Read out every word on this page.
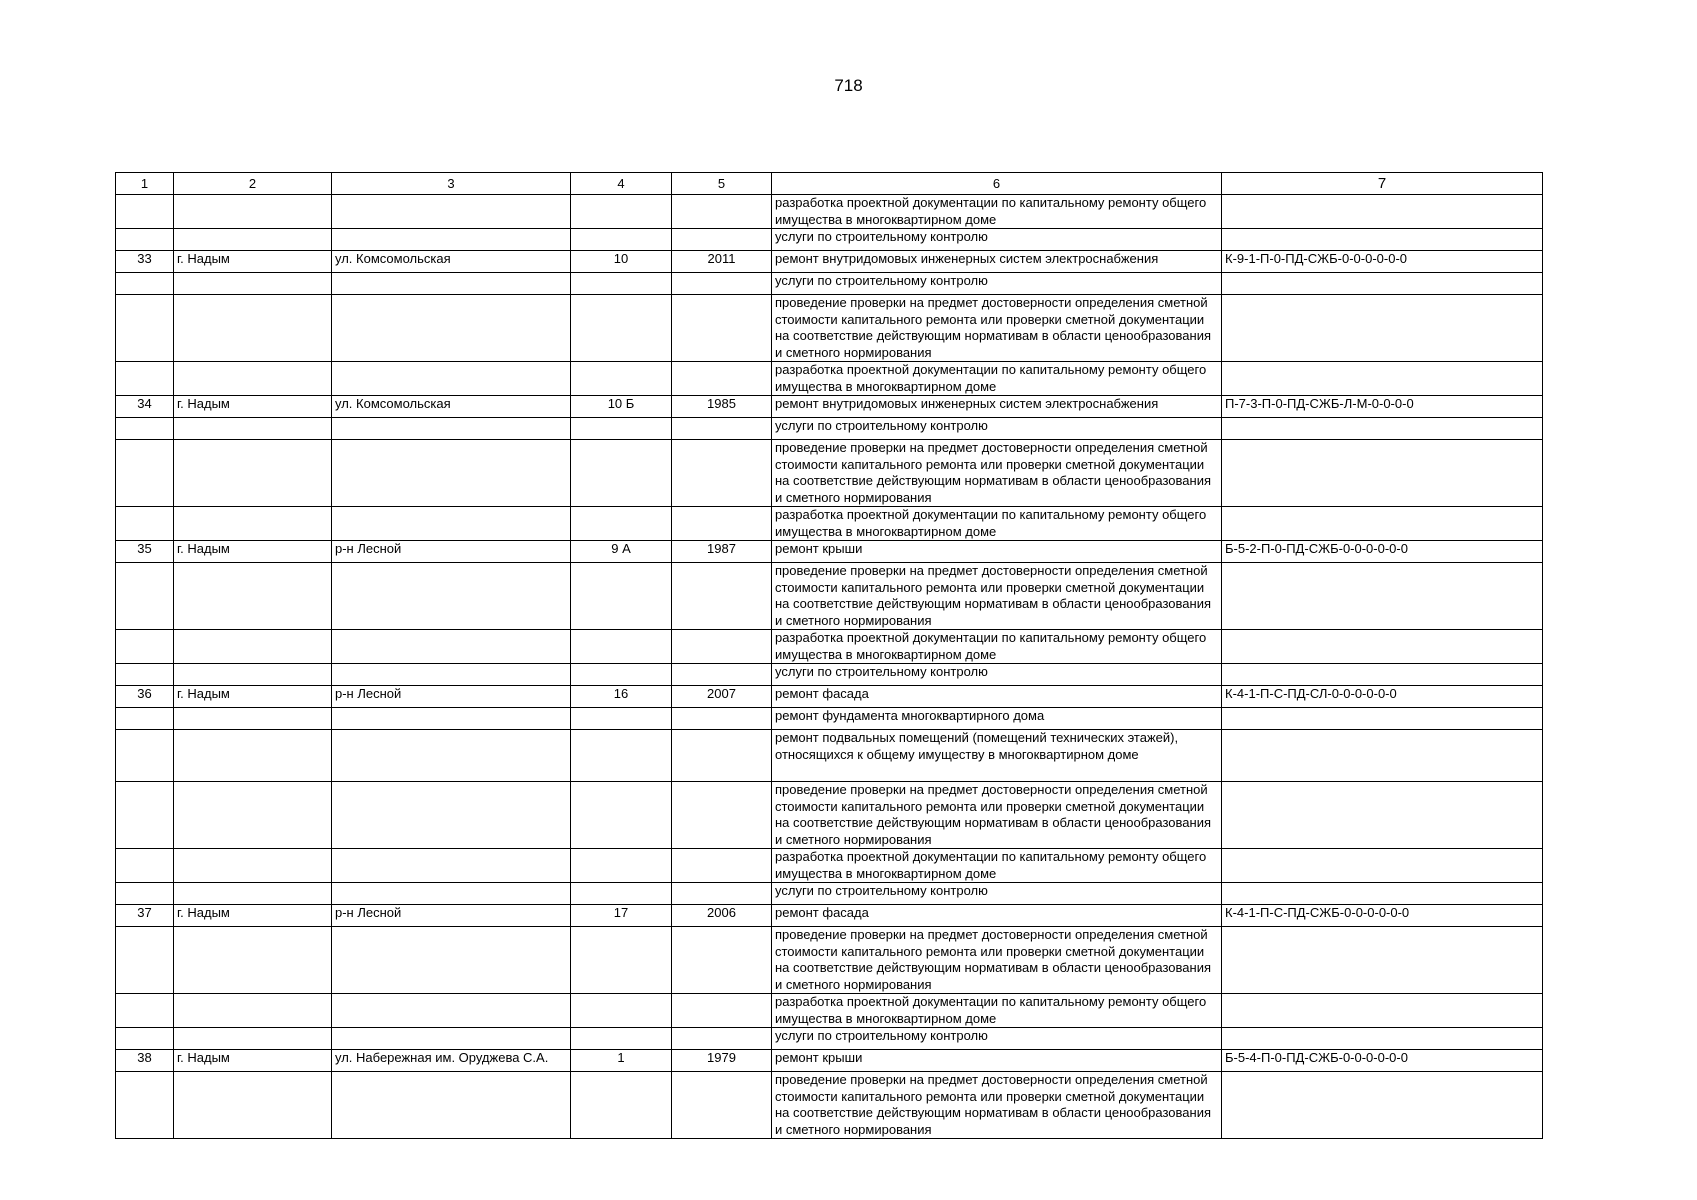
718
1	2	3	4	5	6	7
					разработка проектной документации по капитальному ремонту общего имущества в многоквартирном доме	
					услуги по строительному контролю	
33	г. Надым	ул. Комсомольская	10	2011	ремонт внутридомовых инженерных систем электроснабжения	К-9-1-П-0-ПД-СЖБ-0-0-0-0-0-0
					услуги по строительному контролю	
					проведение проверки на предмет достоверности определения сметной стоимости капитального ремонта или проверки сметной документации на соответствие действующим нормативам в области ценообразования и сметного нормирования	
					разработка проектной документации по капитальному ремонту общего имущества в многоквартирном доме	
34	г. Надым	ул. Комсомольская	10 Б	1985	ремонт внутридомовых инженерных систем электроснабжения	П-7-3-П-0-ПД-СЖБ-Л-М-0-0-0-0
					услуги по строительному контролю	
					проведение проверки на предмет достоверности определения сметной стоимости капитального ремонта или проверки сметной документации на соответствие действующим нормативам в области ценообразования и сметного нормирования	
					разработка проектной документации по капитальному ремонту общего имущества в многоквартирном доме	
35	г. Надым	р-н Лесной	9 А	1987	ремонт крыши	Б-5-2-П-0-ПД-СЖБ-0-0-0-0-0-0
					проведение проверки на предмет достоверности определения сметной стоимости капитального ремонта или проверки сметной документации на соответствие действующим нормативам в области ценообразования и сметного нормирования	
					разработка проектной документации по капитальному ремонту общего имущества в многоквартирном доме	
					услуги по строительному контролю	
36	г. Надым	р-н Лесной	16	2007	ремонт фасада	К-4-1-П-С-ПД-СЛ-0-0-0-0-0-0
					ремонт фундамента многоквартирного дома	
					ремонт подвальных помещений (помещений технических этажей), относящихся к общему имуществу в многоквартирном доме	
					проведение проверки на предмет достоверности определения сметной стоимости капитального ремонта или проверки сметной документации на соответствие действующим нормативам в области ценообразования и сметного нормирования	
					разработка проектной документации по капитальному ремонту общего имущества в многоквартирном доме	
					услуги по строительному контролю	
37	г. Надым	р-н Лесной	17	2006	ремонт фасада	К-4-1-П-С-ПД-СЖБ-0-0-0-0-0-0
					проведение проверки на предмет достоверности определения сметной стоимости капитального ремонта или проверки сметной документации на соответствие действующим нормативам в области ценообразования и сметного нормирования	
					разработка проектной документации по капитальному ремонту общего имущества в многоквартирном доме	
					услуги по строительному контролю	
38	г. Надым	ул. Набережная им. Оруджева С.А.	1	1979	ремонт крыши	Б-5-4-П-0-ПД-СЖБ-0-0-0-0-0-0
					проведение проверки на предмет достоверности определения сметной стоимости капитального ремонта или проверки сметной документации на соответствие действующим нормативам в области ценообразования и сметного нормирования	
